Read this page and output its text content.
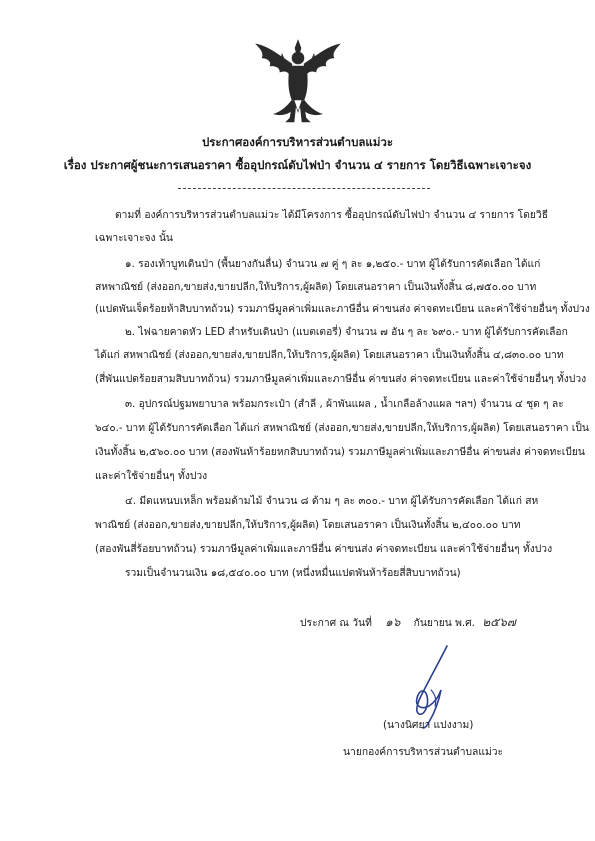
ประกาศองค์การบริหารส่วนตำบลแม่วะ
เรื่อง ประกาศผู้ชนะการเสนอราคา ซื้ออุปกรณ์ดับไฟป่า จำนวน ๔ รายการ โดยวิธีเฉพาะเจาะจง
ตามที่ องค์การบริหารส่วนตำบลแม่วะ ได้มีโครงการ ซื้ออุปกรณ์ดับไฟป่า จำนวน ๔ รายการ โดยวิธี
เฉพาะเจาะจง นั้น
๑. รองเท้าบูทเดินป่า (พื้นยางกันลื่น) จำนวน ๗ คู่ ๆ ละ ๑,๒๕๐.- บาท ผู้ได้รับการคัดเลือก ได้แก่
สหพาณิชย์ (ส่งออก,ขายส่ง,ขายปลีก,ให้บริการ,ผู้ผลิต) โดยเสนอราคา เป็นเงินทั้งสิ้น ๘,๗๕๐.๐๐ บาท
(แปดพันเจ็ดร้อยห้าสิบบาทถ้วน) รวมภาษีมูลค่าเพิ่มและภาษีอื่น ค่าขนส่ง ค่าจดทะเบียน และค่าใช้จ่ายอื่นๆ ทั้งปวง
๒. ไฟฉายคาดหัว LED สำหรับเดินป่า (แบตเตอรี่) จำนวน ๗ อัน ๆ ละ ๖๙๐.- บาท ผู้ได้รับการคัดเลือก
ได้แก่ สหพาณิชย์ (ส่งออก,ขายส่ง,ขายปลีก,ให้บริการ,ผู้ผลิต) โดยเสนอราคา เป็นเงินทั้งสิ้น ๔,๘๓๐.๐๐ บาท
(สี่พันแปดร้อยสามสิบบาทถ้วน) รวมภาษีมูลค่าเพิ่มและภาษีอื่น ค่าขนส่ง ค่าจดทะเบียน และค่าใช้จ่ายอื่นๆ ทั้งปวง
๓. อุปกรณ์ปฐมพยาบาล พร้อมกระเป๋า (สำลี , ผ้าพันแผล , น้ำเกลือล้างแผล ฯลฯ) จำนวน ๔ ชุด ๆ ละ
๖๔๐.- บาท ผู้ได้รับการคัดเลือก ได้แก่ สหพาณิชย์ (ส่งออก,ขายส่ง,ขายปลีก,ให้บริการ,ผู้ผลิต) โดยเสนอราคา เป็น
เงินทั้งสิ้น ๒,๕๖๐.๐๐ บาท (สองพันห้าร้อยหกสิบบาทถ้วน) รวมภาษีมูลค่าเพิ่มและภาษีอื่น ค่าขนส่ง ค่าจดทะเบียน
และค่าใช้จ่ายอื่นๆ ทั้งปวง
๔. มีดแหนบเหล็ก พร้อมด้ามไม้ จำนวน ๘ ด้าม ๆ ละ ๓๐๐.- บาท ผู้ได้รับการคัดเลือก ได้แก่ สห
พาณิชย์ (ส่งออก,ขายส่ง,ขายปลีก,ให้บริการ,ผู้ผลิต) โดยเสนอราคา เป็นเงินทั้งสิ้น ๒,๔๐๐.๐๐ บาท
(สองพันสี่ร้อยบาทถ้วน) รวมภาษีมูลค่าเพิ่มและภาษีอื่น ค่าขนส่ง ค่าจดทะเบียน และค่าใช้จ่ายอื่นๆ ทั้งปวง
รวมเป็นจำนวนเงิน ๑๘,๕๔๐.๐๐ บาท (หนึ่งหมื่นแปดพันห้าร้อยสี่สิบบาทถ้วน)
ประกาศ ณ วันที่ ๑๖ กันยายน พ.ศ. ๒๕๖๗
(นางนิศยา แปงงาม)
นายกองค์การบริหารส่วนตำบลแม่วะ
